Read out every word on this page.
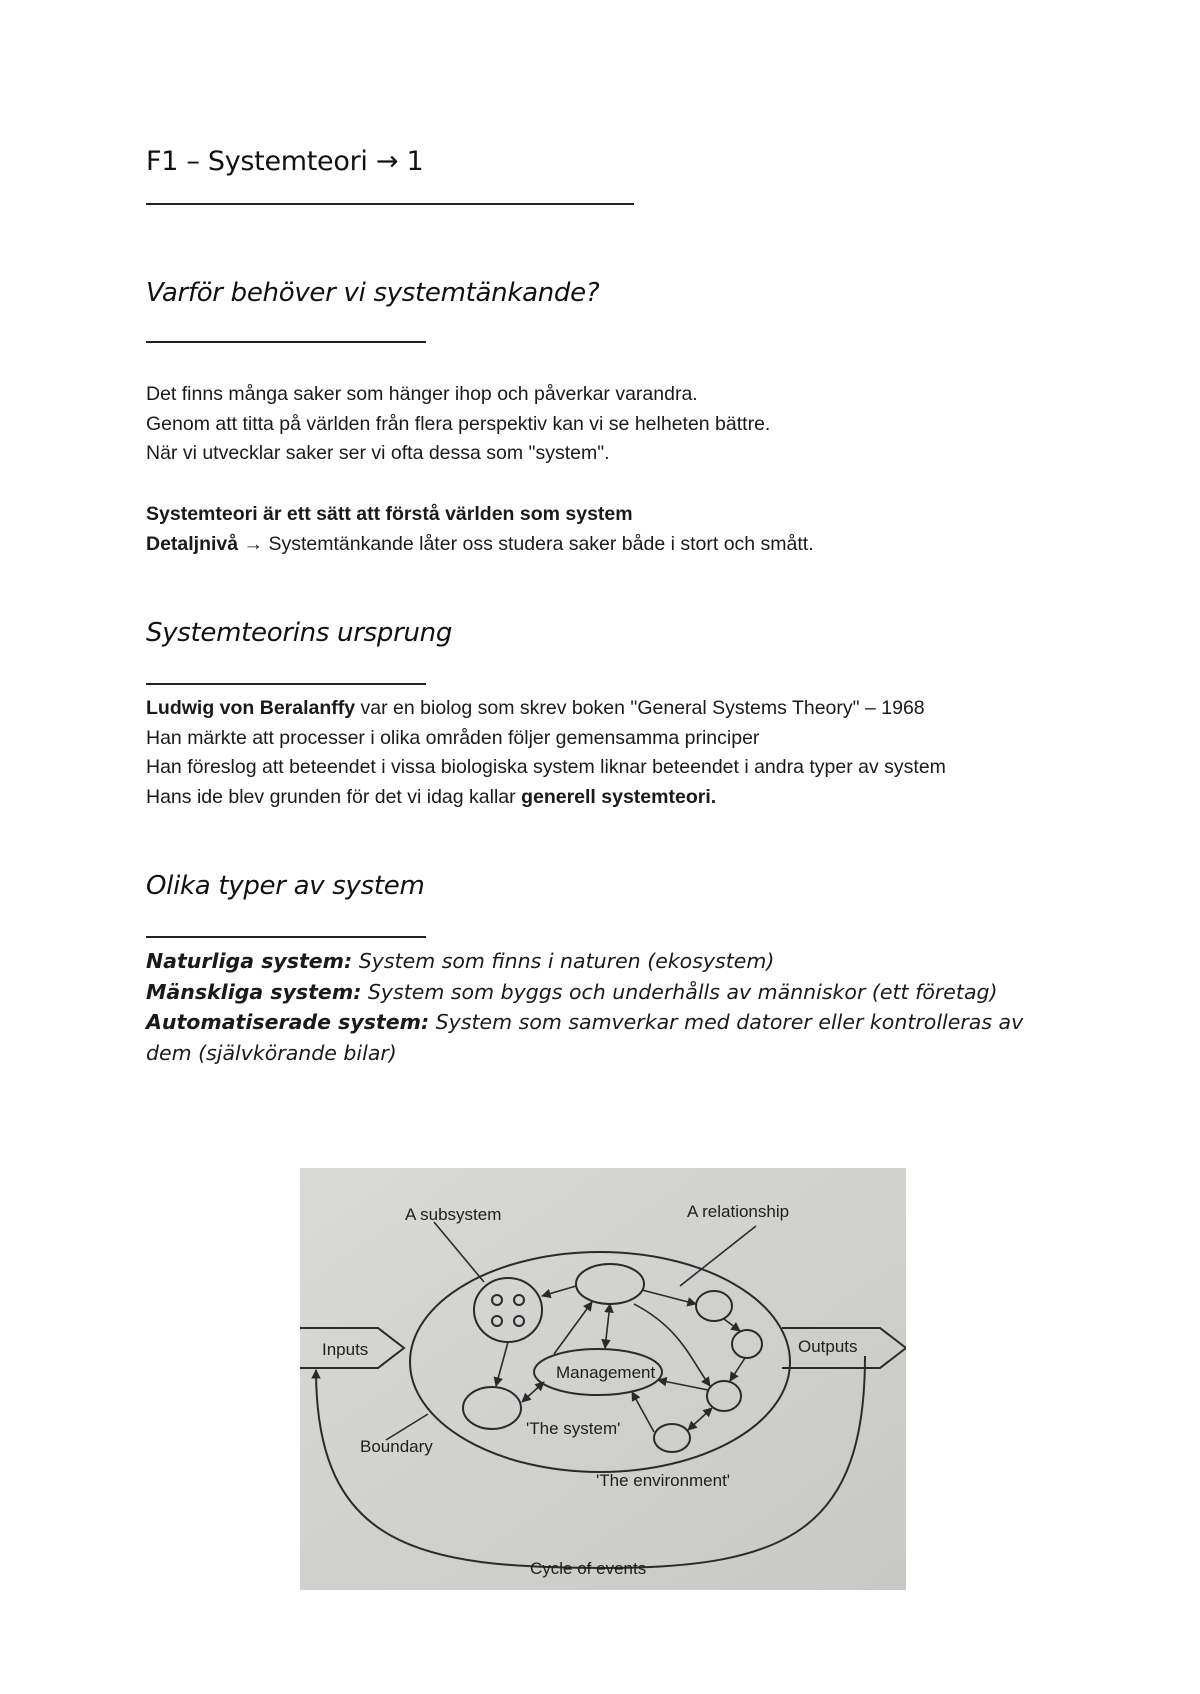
F1 – Systemteori → 1
Varför behöver vi systemtänkande?
Det finns många saker som hänger ihop och påverkar varandra.
Genom att titta på världen från flera perspektiv kan vi se helheten bättre.
När vi utvecklar saker ser vi ofta dessa som "system".
Systemteori är ett sätt att förstå världen som system
Detaljnivå → Systemtänkande låter oss studera saker både i stort och smått.
Systemteorins ursprung
Ludwig von Beralanffy var en biolog som skrev boken "General Systems Theory" – 1968
Han märkte att processer i olika områden följer gemensamma principer
Han föreslog att beteendet i vissa biologiska system liknar beteendet i andra typer av system
Hans ide blev grunden för det vi idag kallar generell systemteori.
Olika typer av system
Naturliga system: System som finns i naturen (ekosystem)
Mänskliga system: System som byggs och underhålls av människor (ett företag)
Automatiserade system: System som samverkar med datorer eller kontrolleras av
dem (självkörande bilar)
A subsystem	A relationship
Inputs	Outputs
Management
'The system'
Boundary
'The environment'
Cycle of events
